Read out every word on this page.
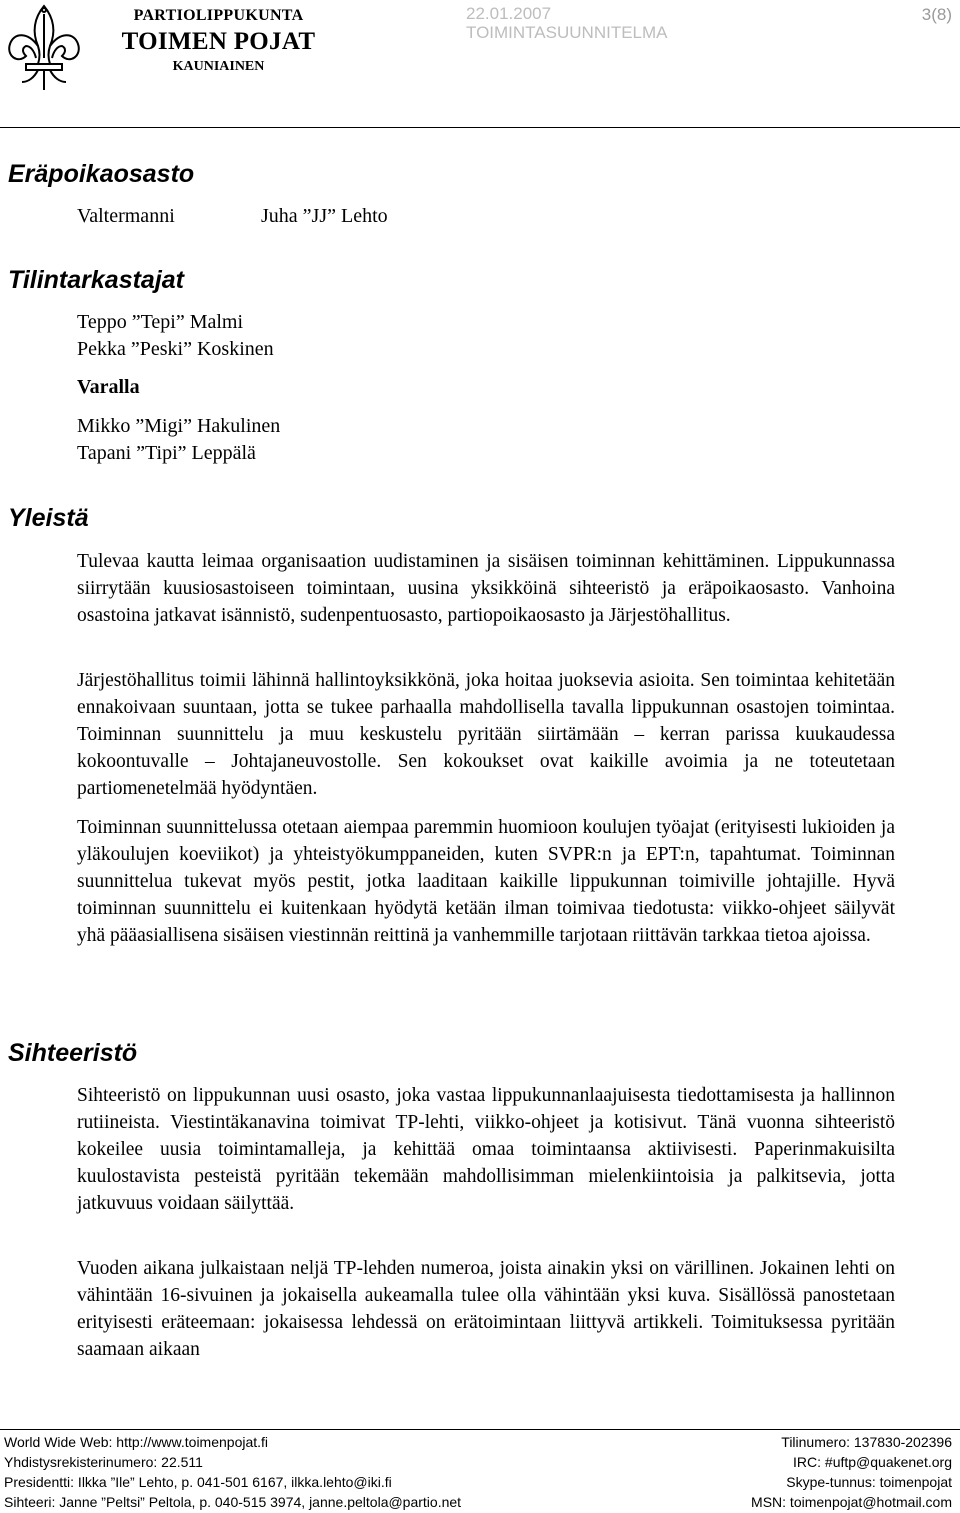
PARTIOLIPPUKUNTA
TOIMEN POJAT
KAUNIAINEN
22.01.2007
TOIMINTASUUNNITELMA
3(8)
Eräpoikaosasto
Valtermanni	Juha ”JJ” Lehto
Tilintarkastajat
Teppo ”Tepi” Malmi
Pekka ”Peski” Koskinen
Varalla
Mikko ”Migi” Hakulinen
Tapani ”Tipi” Leppälä
Yleistä
Tulevaa kautta leimaa organisaation uudistaminen ja sisäisen toiminnan kehittäminen. Lippukunnassa siirrytään kuusiosastoiseen toimintaan, uusina yksikköinä sihteeristö ja eräpoikaosasto. Vanhoina osastoina jatkavat isännistö, sudenpentuosasto, partiopoikaosasto ja Järjestöhallitus.
Järjestöhallitus toimii lähinnä hallintoyksikkönä, joka hoitaa juoksevia asioita. Sen toimintaa kehitetään ennakoivaan suuntaan, jotta se tukee parhaalla mahdollisella tavalla lippukunnan osastojen toimintaa. Toiminnan suunnittelu ja muu keskustelu pyritään siirtämään – kerran parissa kuukaudessa kokoontuvalle – Johtajaneuvostolle. Sen kokoukset ovat kaikille avoimia ja ne toteutetaan partiomenetelmää hyödyntäen.
Toiminnan suunnittelussa otetaan aiempaa paremmin huomioon koulujen työajat (erityisesti lukioiden ja yläkoulujen koeviikot) ja yhteistyökumppaneiden, kuten SVPR:n ja EPT:n, tapahtumat. Toiminnan suunnittelua tukevat myös pestit, jotka laaditaan kaikille lippukunnan toimiville johtajille. Hyvä toiminnan suunnittelu ei kuitenkaan hyödytä ketään ilman toimivaa tiedotusta: viikko-ohjeet säilyvät yhä pääasiallisena sisäisen viestinnän reittinä ja vanhemmille tarjotaan riittävän tarkkaa tietoa ajoissa.
Sihteeristö
Sihteeristö on lippukunnan uusi osasto, joka vastaa lippukunnanlaajuisesta tiedottamisesta ja hallinnon rutiineista. Viestintäkanavina toimivat TP-lehti, viikko-ohjeet ja kotisivut. Tänä vuonna sihteeristö kokeilee uusia toimintamalleja, ja kehittää omaa toimintaansa aktiivisesti. Paperinmakuisilta kuulostavista pesteistä pyritään tekemään mahdollisimman mielenkiintoisia ja palkitsevia, jotta jatkuvuus voidaan säilyttää.
Vuoden aikana julkaistaan neljä TP-lehden numeroa, joista ainakin yksi on värillinen. Jokainen lehti on vähintään 16-sivuinen ja jokaisella aukeamalla tulee olla vähintään yksi kuva. Sisällössä panostetaan erityisesti eräteemaan: jokaisessa lehdessä on erätoimintaan liittyvä artikkeli. Toimituksessa pyritään saamaan aikaan
World Wide Web: http://www.toimenpojat.fi
Yhdistysrekisterinumero: 22.511
Presidentti: Ilkka ”Ile” Lehto, p. 041-501 6167, ilkka.lehto@iki.fi
Sihteeri: Janne ”Peltsi” Peltola, p. 040-515 3974, janne.peltola@partio.net
Tilinumero: 137830-202396
IRC: #uftp@quakenet.org
Skype-tunnus: toimenpojat
MSN: toimenpojat@hotmail.com
